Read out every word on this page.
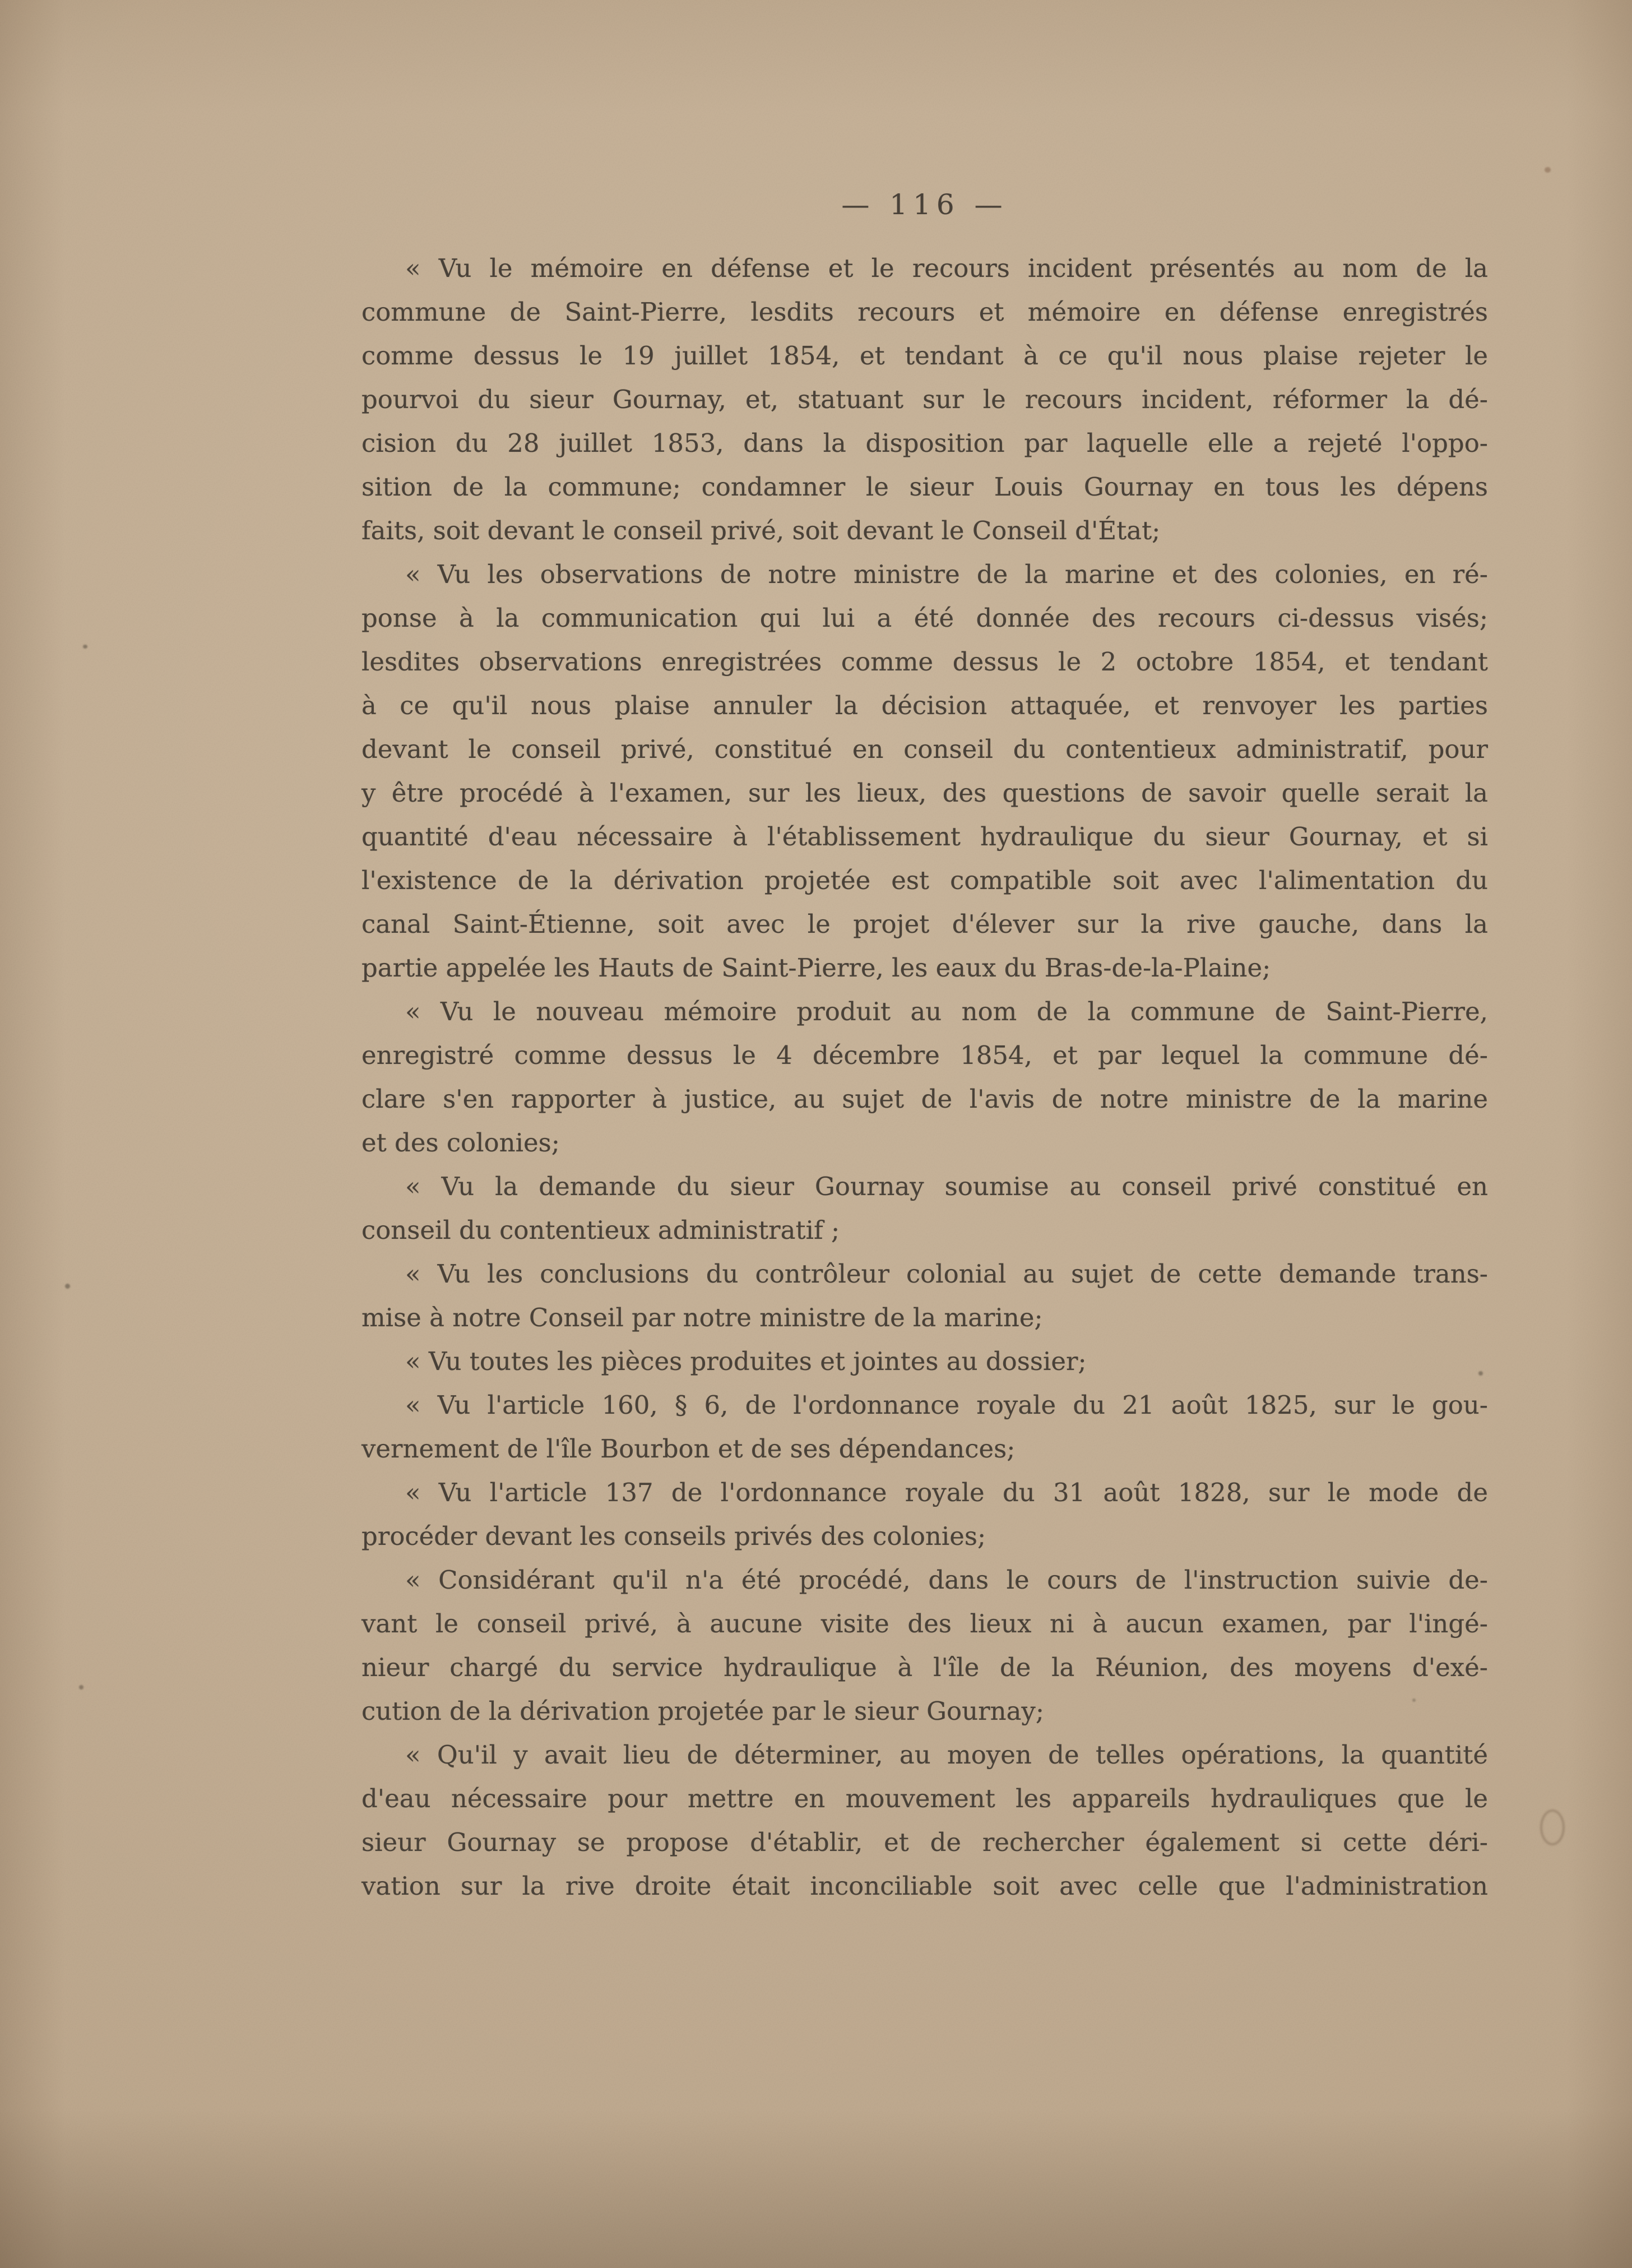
— 116 —
« Vu le mémoire en défense et le recours incident présentés au nom de la
commune de Saint-Pierre, lesdits recours et mémoire en défense enregistrés
comme dessus le 19 juillet 1854, et tendant à ce qu'il nous plaise rejeter le
pourvoi du sieur Gournay, et, statuant sur le recours incident, réformer la dé-
cision du 28 juillet 1853, dans la disposition par laquelle elle a rejeté l'oppo-
sition de la commune; condamner le sieur Louis Gournay en tous les dépens
faits, soit devant le conseil privé, soit devant le Conseil d'État;
« Vu les observations de notre ministre de la marine et des colonies, en ré-
ponse à la communication qui lui a été donnée des recours ci-dessus visés;
lesdites observations enregistrées comme dessus le 2 octobre 1854, et tendant
à ce qu'il nous plaise annuler la décision attaquée, et renvoyer les parties
devant le conseil privé, constitué en conseil du contentieux administratif, pour
y être procédé à l'examen, sur les lieux, des questions de savoir quelle serait la
quantité d'eau nécessaire à l'établissement hydraulique du sieur Gournay, et si
l'existence de la dérivation projetée est compatible soit avec l'alimentation du
canal Saint-Étienne, soit avec le projet d'élever sur la rive gauche, dans la
partie appelée les Hauts de Saint-Pierre, les eaux du Bras-de-la-Plaine;
« Vu le nouveau mémoire produit au nom de la commune de Saint-Pierre,
enregistré comme dessus le 4 décembre 1854, et par lequel la commune dé-
clare s'en rapporter à justice, au sujet de l'avis de notre ministre de la marine
et des colonies;
« Vu la demande du sieur Gournay soumise au conseil privé constitué en
conseil du contentieux administratif ;
« Vu les conclusions du contrôleur colonial au sujet de cette demande trans-
mise à notre Conseil par notre ministre de la marine;
« Vu toutes les pièces produites et jointes au dossier;
« Vu l'article 160, § 6, de l'ordonnance royale du 21 août 1825, sur le gou-
vernement de l'île Bourbon et de ses dépendances;
« Vu l'article 137 de l'ordonnance royale du 31 août 1828, sur le mode de
procéder devant les conseils privés des colonies;
« Considérant qu'il n'a été procédé, dans le cours de l'instruction suivie de-
vant le conseil privé, à aucune visite des lieux ni à aucun examen, par l'ingé-
nieur chargé du service hydraulique à l'île de la Réunion, des moyens d'exé-
cution de la dérivation projetée par le sieur Gournay;
« Qu'il y avait lieu de déterminer, au moyen de telles opérations, la quantité
d'eau nécessaire pour mettre en mouvement les appareils hydrauliques que le
sieur Gournay se propose d'établir, et de rechercher également si cette déri-
vation sur la rive droite était inconciliable soit avec celle que l'administration
